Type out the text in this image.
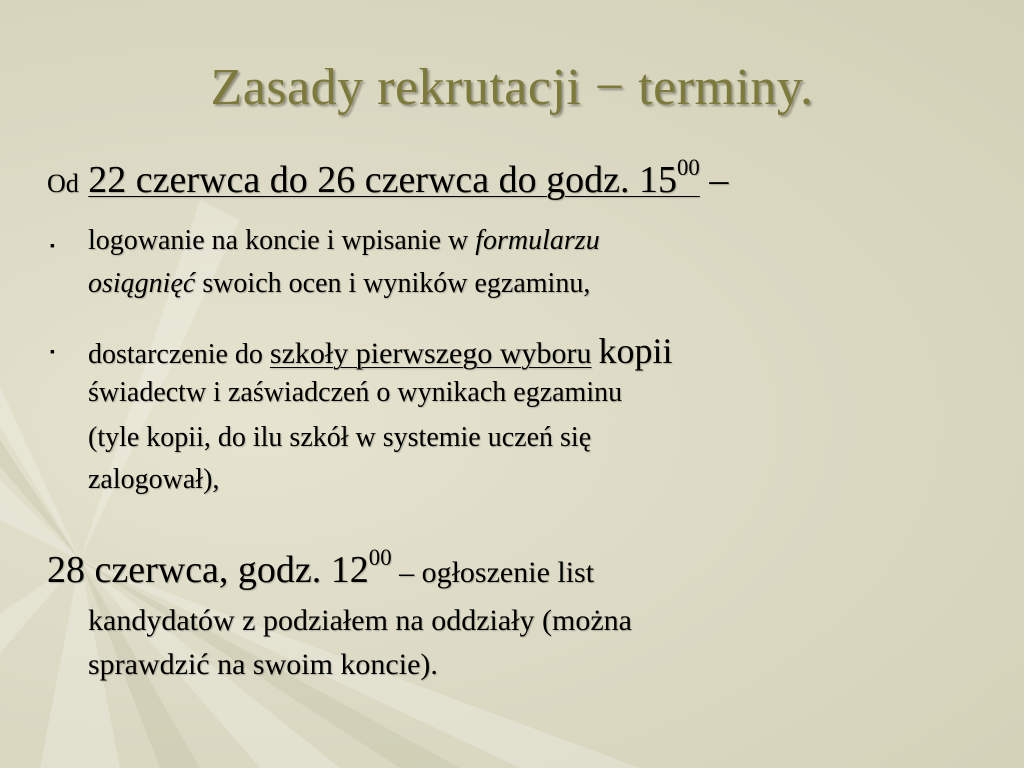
Zasady rekrutacji − terminy.
Od 22 czerwca do 26 czerwca do godz. $15^{00}$ –
▪ logowanie na koncie i wpisanie w formularzu
osiągnięć swoich ocen i wyników egzaminu,
▪ dostarczenie do szkoły pierwszego wyboru kopii
świadectw i zaświadczeń o wynikach egzaminu
(tyle kopii, do ilu szkół w systemie uczeń się
zalogował),
28 czerwca, godz. $12^{00}$ – ogłoszenie list
kandydatów z podziałem na oddziały (można
sprawdzić na swoim koncie).
